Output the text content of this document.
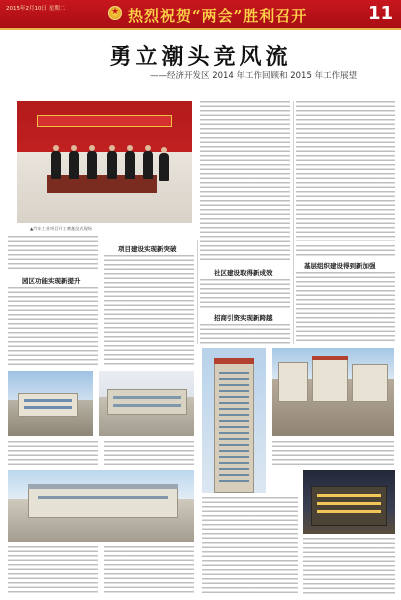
2015年2月10日 星期二
★	热烈祝贺“两会”胜利召开	11
勇立潮头竞风流
——经济开发区 2014 年工作回顾和 2015 年工作展望
▲汽车工业项目开工奠基仪式现场
园区功能实现新提升
项目建设实现新突破
社区建设取得新成效
招商引资实现新跨越
基层组织建设得到新加强
